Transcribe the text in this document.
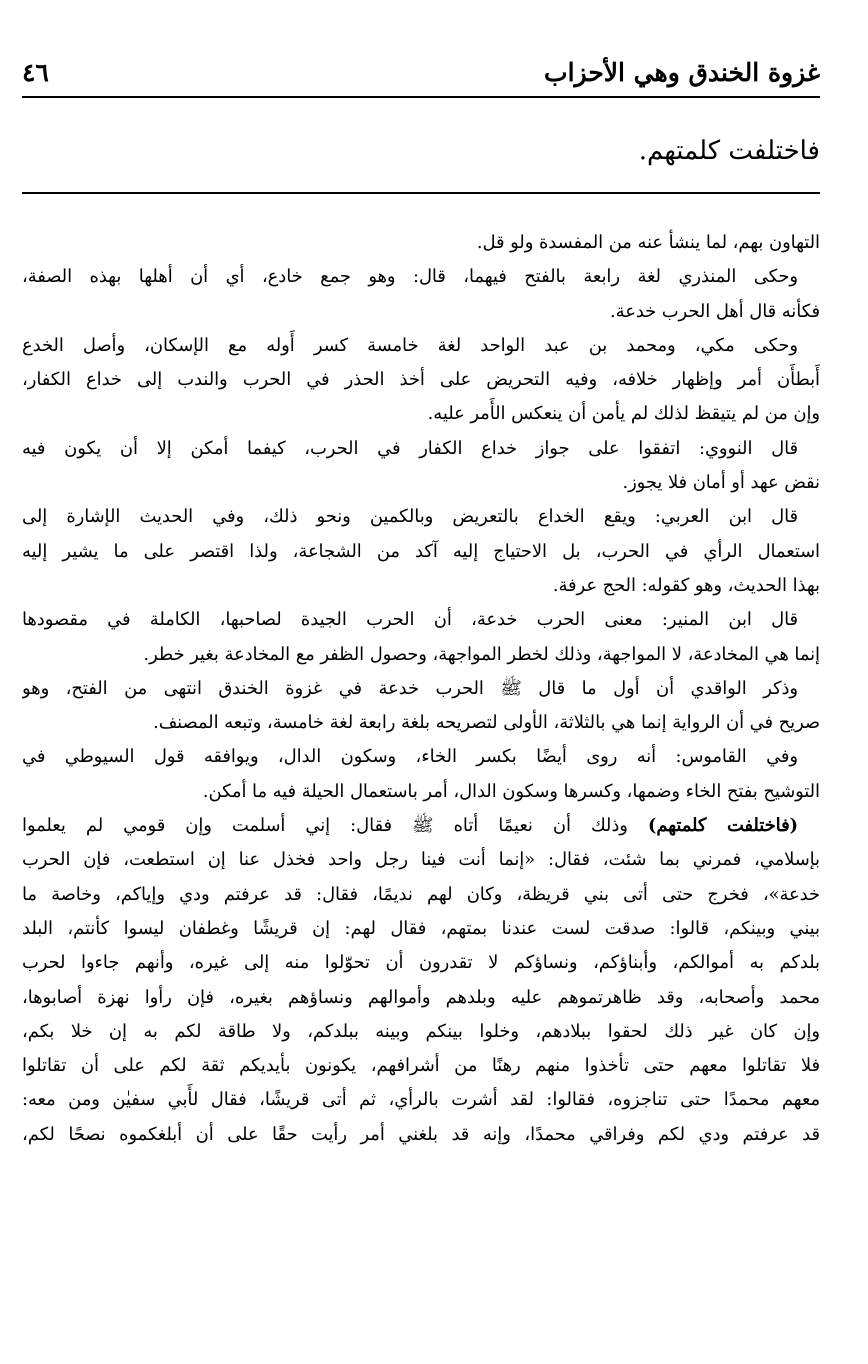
غزوة الخندق وهي الأحزاب
٤٦
فاختلفت كلمتهم.
التهاون بهم، لما ينشأ عنه من المفسدة ولو قل.
وحكى المنذري لغة رابعة بالفتح فيهما، قال: وهو جمع خادع، أي أن أهلها بهذه الصفة،
فكأنه قال أهل الحرب خدعة.
وحكى مكي، ومحمد بن عبد الواحد لغة خامسة كسر أَوله مع الإسكان، وأصل الخدع
أَبطأَن أمر وإظهار خلافه، وفيه التحريض على أخذ الحذر في الحرب والندب إلى خداع الكفار،
وإن من لم يتيقظ لذلك لم يأمن أن ينعكس الأَمر عليه.
قال النووي: اتفقوا على جواز خداع الكفار في الحرب، كيفما أمكن إلا أن يكون فيه
نقض عهد أو أمان فلا يجوز.
قال ابن العربي: ويقع الخداع بالتعريض وبالكمين ونحو ذلك، وفي الحديث الإشارة إلى
استعمال الرأي في الحرب، بل الاحتياج إليه آكد من الشجاعة، ولذا اقتصر على ما يشير إليه
بهذا الحديث، وهو كقوله: الحج عرفة.
قال ابن المنير: معنى الحرب خدعة، أن الحرب الجيدة لصاحبها، الكاملة في مقصودها
إنما هي المخادعة، لا المواجهة، وذلك لخطر المواجهة، وحصول الظفر مع المخادعة بغير خطر.
وذكر الواقدي أن أول ما قال ﷺ الحرب خدعة في غزوة الخندق انتهى من الفتح، وهو
صريح في أن الرواية إنما هي بالثلاثة، الأولى لتصريحه بلغة رابعة لغة خامسة، وتبعه المصنف.
وفي القاموس: أنه روى أيضًا بكسر الخاء، وسكون الدال، ويوافقه قول السيوطي في
التوشيح بفتح الخاء وضمها، وكسرها وسكون الدال، أمر باستعمال الحيلة فيه ما أمكن.
(فاختلفت كلمتهم) وذلك أن نعيمًا أتاه ﷺ فقال: إني أسلمت وإن قومي لم يعلموا
بإسلامي، فمرني بما شئت، فقال: «إنما أنت فينا رجل واحد فخذل عنا إن استطعت، فإن الحرب
خدعة»، فخرج حتى أتى بني قريظة، وكان لهم نديمًا، فقال: قد عرفتم ودي وإياكم، وخاصة ما
بيني وبينكم، قالوا: صدقت لست عندنا بمتهم، فقال لهم: إن قريشًا وغطفان ليسوا كأنتم، البلد
بلدكم به أموالكم، وأبناؤكم، ونساؤكم لا تقدرون أن تحوّلوا منه إلى غيره، وأنهم جاءوا لحرب
محمد وأصحابه، وقد ظاهرتموهم عليه وبلدهم وأموالهم ونساؤهم بغيره، فإن رأوا نهزة أصابوها،
وإن كان غير ذلك لحقوا ببلادهم، وخلوا بينكم وبينه ببلدكم، ولا طاقة لكم به إن خلا بكم،
فلا تقاتلوا معهم حتى تأخذوا منهم رهنًا من أشرافهم، يكونون بأيديكم ثقة لكم على أن تقاتلوا
معهم محمدًا حتى تناجزوه، فقالوا: لقد أشرت بالرأي، ثم أتى قريشًا، فقال لأَبي سفيٰن ومن معه:
قد عرفتم ودي لكم وفراقي محمدًا، وإنه قد بلغني أمر رأيت حقًا على أن أبلغكموه نصحًا لكم،
